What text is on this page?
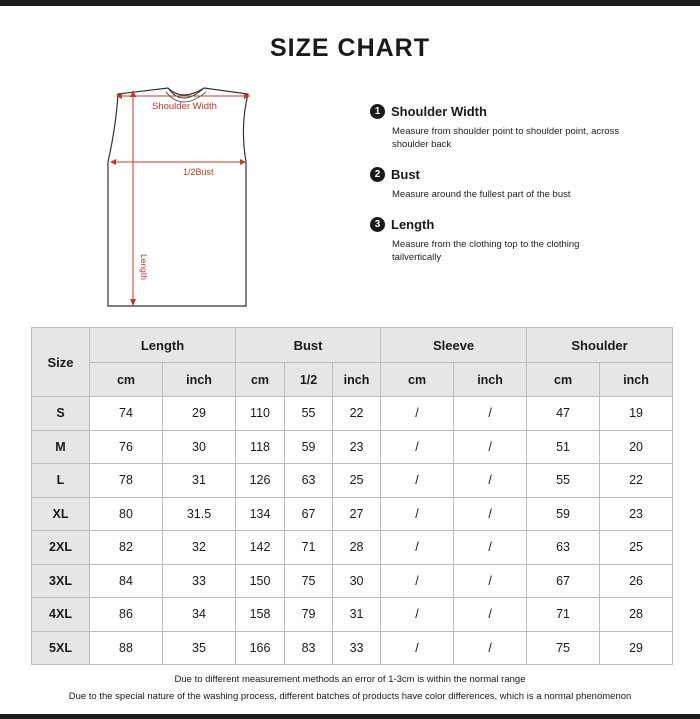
SIZE CHART
Shoulder Width
1/2Bust
Length
1 Shoulder Width
Measure from shoulder point to shoulder point, across shoulder back
2 Bust
Measure around the fullest part of the bust
3 Length
Measure from the clothing top to the clothing tailvertically
Size	Length		Bust			Sleeve		Shoulder	
	cm	inch	cm	1/2	inch	cm	inch	cm	inch
S	74	29	110	55	22	/	/	47	19
M	76	30	118	59	23	/	/	51	20
L	78	31	126	63	25	/	/	55	22
XL	80	31.5	134	67	27	/	/	59	23
2XL	82	32	142	71	28	/	/	63	25
3XL	84	33	150	75	30	/	/	67	26
4XL	86	34	158	79	31	/	/	71	28
5XL	88	35	166	83	33	/	/	75	29
Due to different measurement methods an error of 1-3cm is within the normal range
Due to the special nature of the washing process, different batches of products have color differences, which is a normal phenomenon
